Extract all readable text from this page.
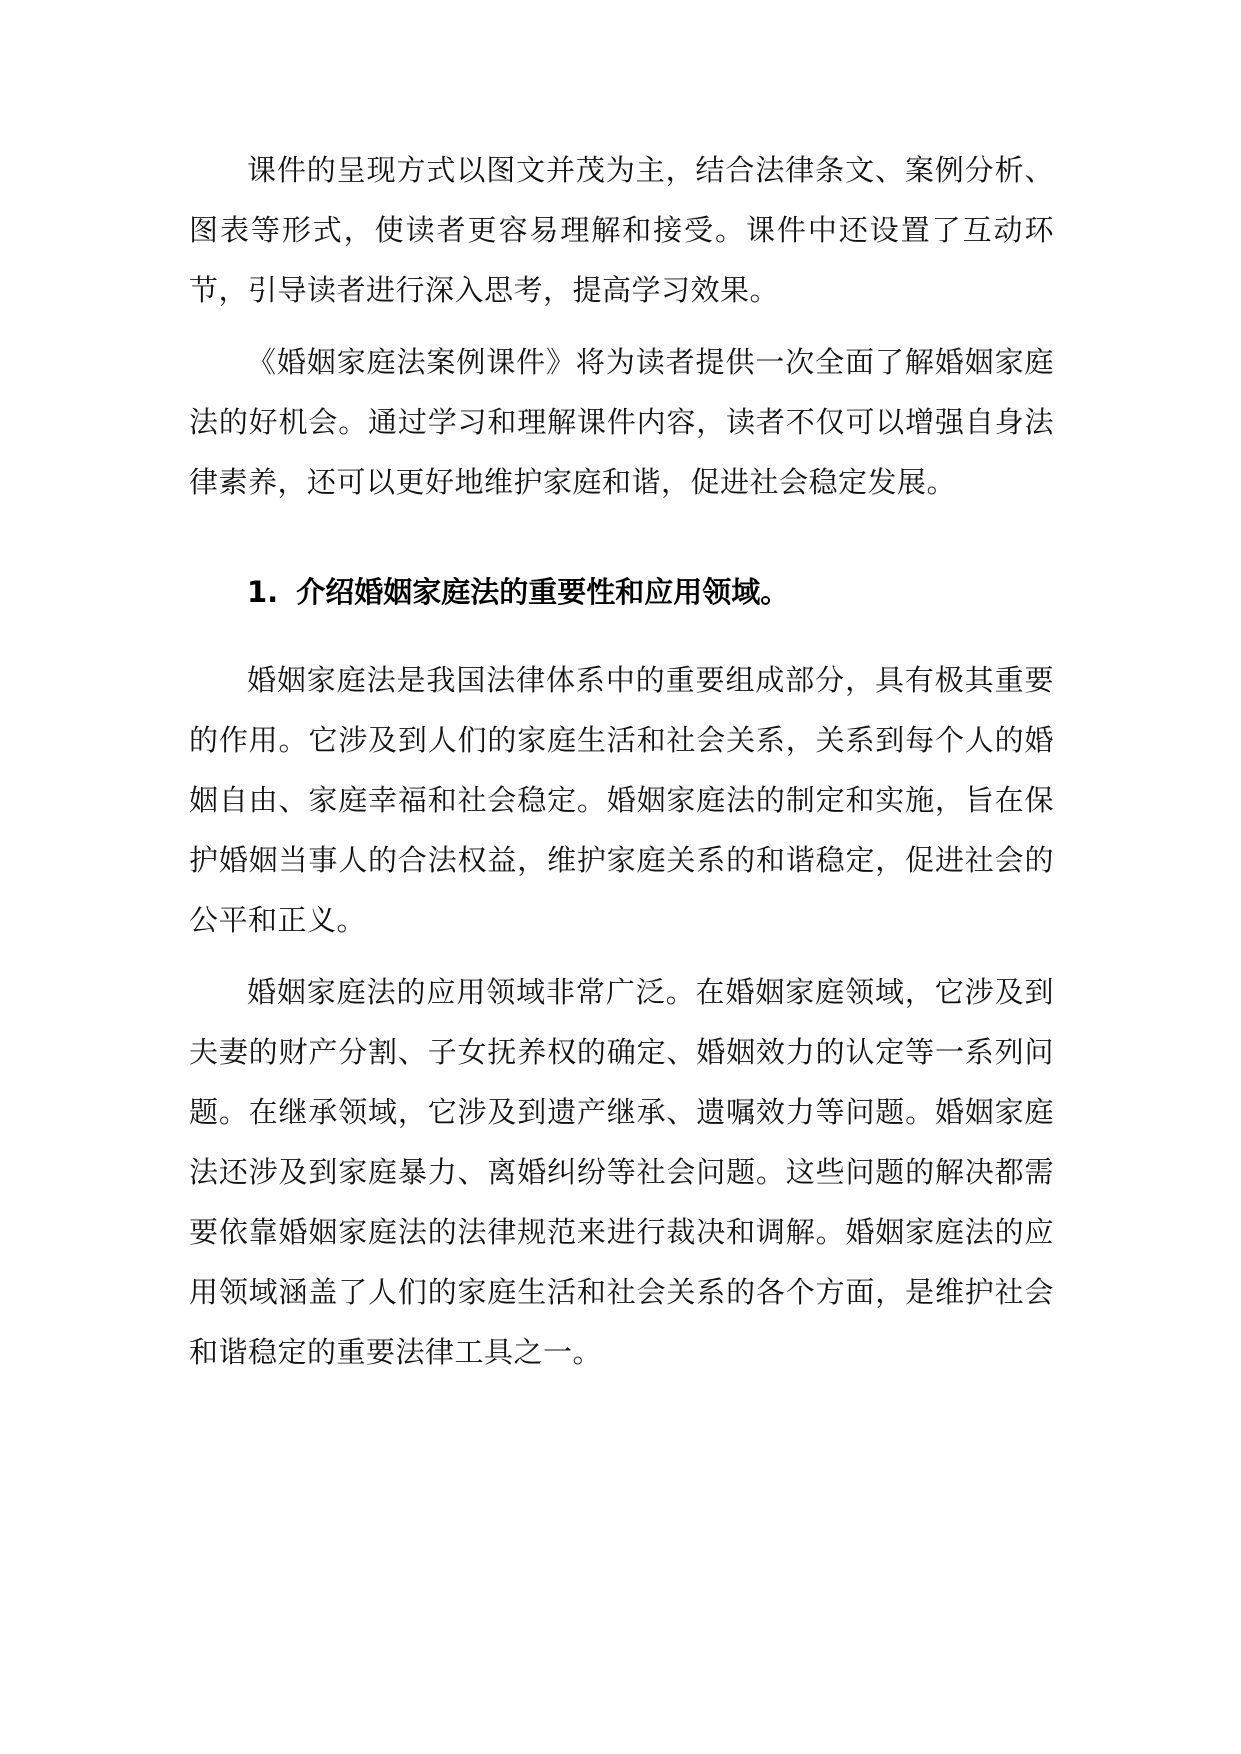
课件的呈现方式以图文并茂为主，结合法律条文、案例分析、图表等形式，使读者更容易理解和接受。课件中还设置了互动环节，引导读者进行深入思考，提高学习效果。

《婚姻家庭法案例课件》将为读者提供一次全面了解婚姻家庭法的好机会。通过学习和理解课件内容，读者不仅可以增强自身法律素养，还可以更好地维护家庭和谐，促进社会稳定发展。

1. 介绍婚姻家庭法的重要性和应用领域。

婚姻家庭法是我国法律体系中的重要组成部分，具有极其重要的作用。它涉及到人们的家庭生活和社会关系，关系到每个人的婚姻自由、家庭幸福和社会稳定。婚姻家庭法的制定和实施，旨在保护婚姻当事人的合法权益，维护家庭关系的和谐稳定，促进社会的公平和正义。

婚姻家庭法的应用领域非常广泛。在婚姻家庭领域，它涉及到夫妻的财产分割、子女抚养权的确定、婚姻效力的认定等一系列问题。在继承领域，它涉及到遗产继承、遗嘱效力等问题。婚姻家庭法还涉及到家庭暴力、离婚纠纷等社会问题。这些问题的解决都需要依靠婚姻家庭法的法律规范来进行裁决和调解。婚姻家庭法的应用领域涵盖了人们的家庭生活和社会关系的各个方面，是维护社会和谐稳定的重要法律工具之一。
